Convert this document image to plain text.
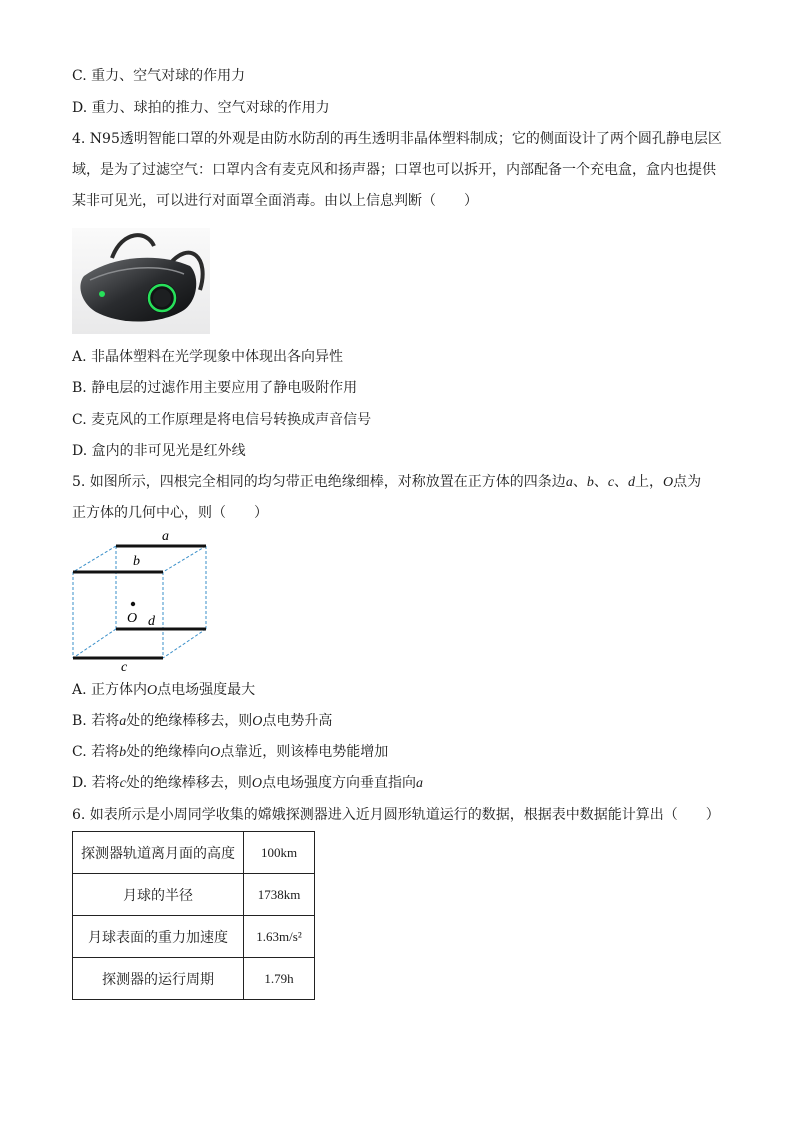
C. 重力、空气对球的作用力
D. 重力、球拍的推力、空气对球的作用力
4. N95透明智能口罩的外观是由防水防刮的再生透明非晶体塑料制成；它的侧面设计了两个圆孔静电层区
域，是为了过滤空气：口罩内含有麦克风和扬声器；口罩也可以拆开，内部配备一个充电盒，盒内也提供
某非可见光，可以进行对面罩全面消毒。由以上信息判断（　　）
A. 非晶体塑料在光学现象中体现出各向异性
B. 静电层的过滤作用主要应用了静电吸附作用
C. 麦克风的工作原理是将电信号转换成声音信号
D. 盒内的非可见光是红外线
5. 如图所示，四根完全相同的均匀带正电绝缘细棒，对称放置在正方体的四条边a、b、c、d上，O点为
正方体的几何中心，则（　　）
a
b
O d
c
A. 正方体内O点电场强度最大
B. 若将a处的绝缘棒移去，则O点电势升高
C. 若将b处的绝缘棒向O点靠近，则该棒电势能增加
D. 若将c处的绝缘棒移去，则O点电场强度方向垂直指向a
6. 如表所示是小周同学收集的嫦娥探测器进入近月圆形轨道运行的数据，根据表中数据能计算出（　　）
探测器轨道离月面的高度	100km
月球的半径	1738km
月球表面的重力加速度	1.63m/s²
探测器的运行周期	1.79h
